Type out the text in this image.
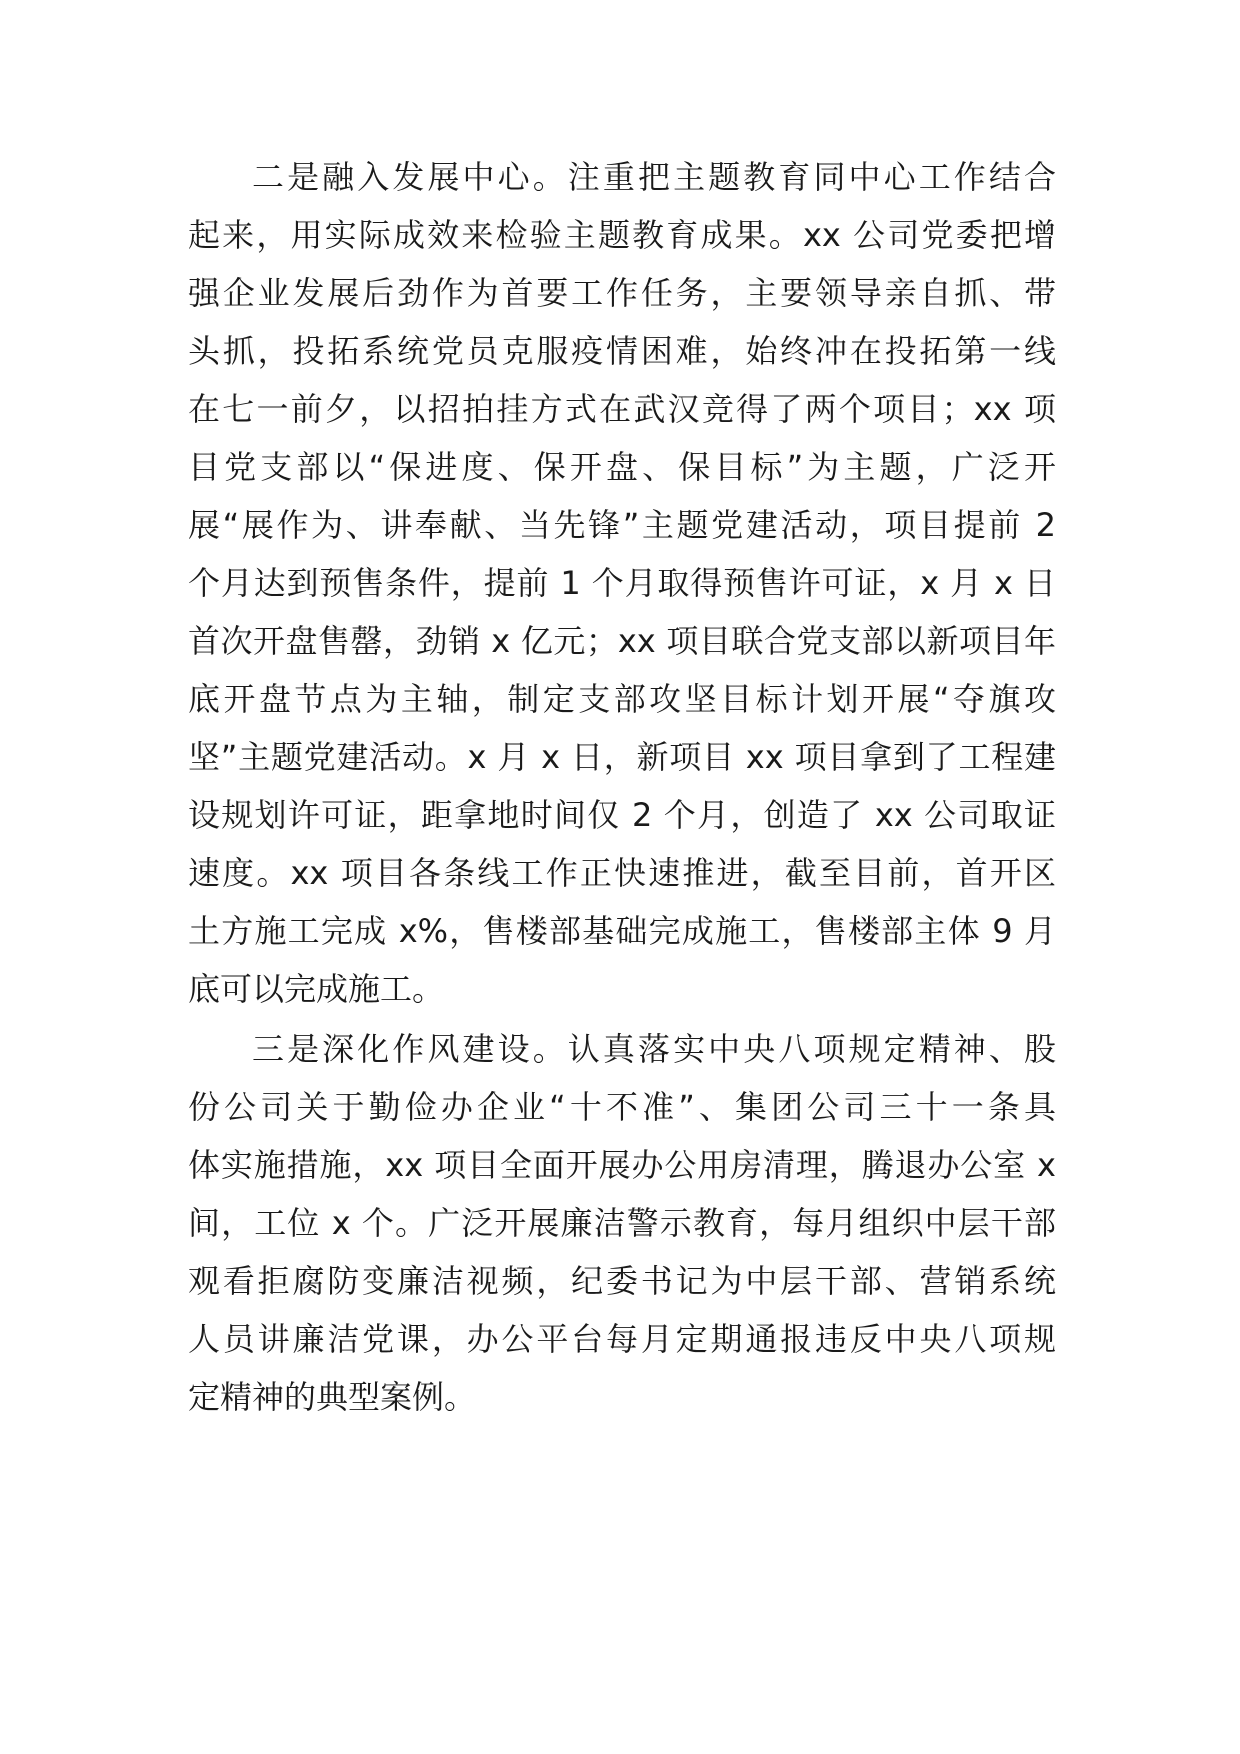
二是融入发展中心。注重把主题教育同中心工作结合
起来，用实际成效来检验主题教育成果。xx 公司党委把增
强企业发展后劲作为首要工作任务，主要领导亲自抓、带
头抓，投拓系统党员克服疫情困难，始终冲在投拓第一线
在七一前夕，以招拍挂方式在武汉竞得了两个项目；xx 项
目党支部以“保进度、保开盘、保目标”为主题，广泛开
展“展作为、讲奉献、当先锋”主题党建活动，项目提前 2
个月达到预售条件，提前 1 个月取得预售许可证，x 月 x 日
首次开盘售罄，劲销 x 亿元；xx 项目联合党支部以新项目年
底开盘节点为主轴，制定支部攻坚目标计划开展“夺旗攻
坚”主题党建活动。x 月 x 日，新项目 xx 项目拿到了工程建
设规划许可证，距拿地时间仅 2 个月，创造了 xx 公司取证
速度。xx 项目各条线工作正快速推进，截至目前，首开区
土方施工完成 x%，售楼部基础完成施工，售楼部主体 9 月
底可以完成施工。
三是深化作风建设。认真落实中央八项规定精神、股
份公司关于勤俭办企业“十不准”、集团公司三十一条具
体实施措施，xx 项目全面开展办公用房清理，腾退办公室 x
间，工位 x 个。广泛开展廉洁警示教育，每月组织中层干部
观看拒腐防变廉洁视频，纪委书记为中层干部、营销系统
人员讲廉洁党课，办公平台每月定期通报违反中央八项规
定精神的典型案例。
